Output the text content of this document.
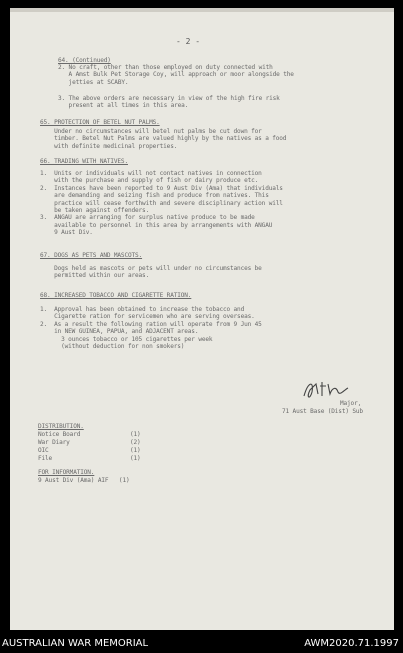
- 2 -
64. (Continued)
2. No craft, other than those employed on duty connected with
A Amst Bulk Pet Storage Coy, will approach or moor alongside the
jetties at SCABY.
3. The above orders are necessary in view of the high fire risk
present at all times in this area.
65. PROTECTION OF BETEL NUT PALMS.
Under no circumstances will betel nut palms be cut down for
timber. Betel Nut Palms are valued highly by the natives as a food
with definite medicinal properties.
66. TRADING WITH NATIVES.
1.  Units or individuals will not contact natives in connection
with the purchase and supply of fish or dairy produce etc.
2.  Instances have been reported to 9 Aust Div (Ama) that individuals
are demanding and seizing fish and produce from natives. This
practice will cease forthwith and severe disciplinary action will
be taken against offenders.
3.  ANGAU are arranging for surplus native produce to be made
available to personnel in this area by arrangements with ANGAU
9 Aust Div.
67. DOGS AS PETS AND MASCOTS.
Dogs held as mascots or pets will under no circumstances be
permitted within our areas.
68. INCREASED TOBACCO AND CIGARETTE RATION.
1.  Approval has been obtained to increase the tobacco and
Cigarette ration for servicemen who are serving overseas.
2.  As a result the following ration will operate from 9 Jun 45
in NEW GUINEA, PAPUA, and ADJACENT areas.
3 ounces tobacco or 105 cigarettes per week
(without deduction for non smokers)
Major,
71 Aust Base (Dist) Sub
DISTRIBUTION.
Notice Board	(1)
War Diary	(2)
OIC	(1)
File	(1)
FOR INFORMATION.
9 Aust Div (Ama) AIF   (1)
AUSTRALIAN WAR MEMORIAL	AWM2020.71.1997
